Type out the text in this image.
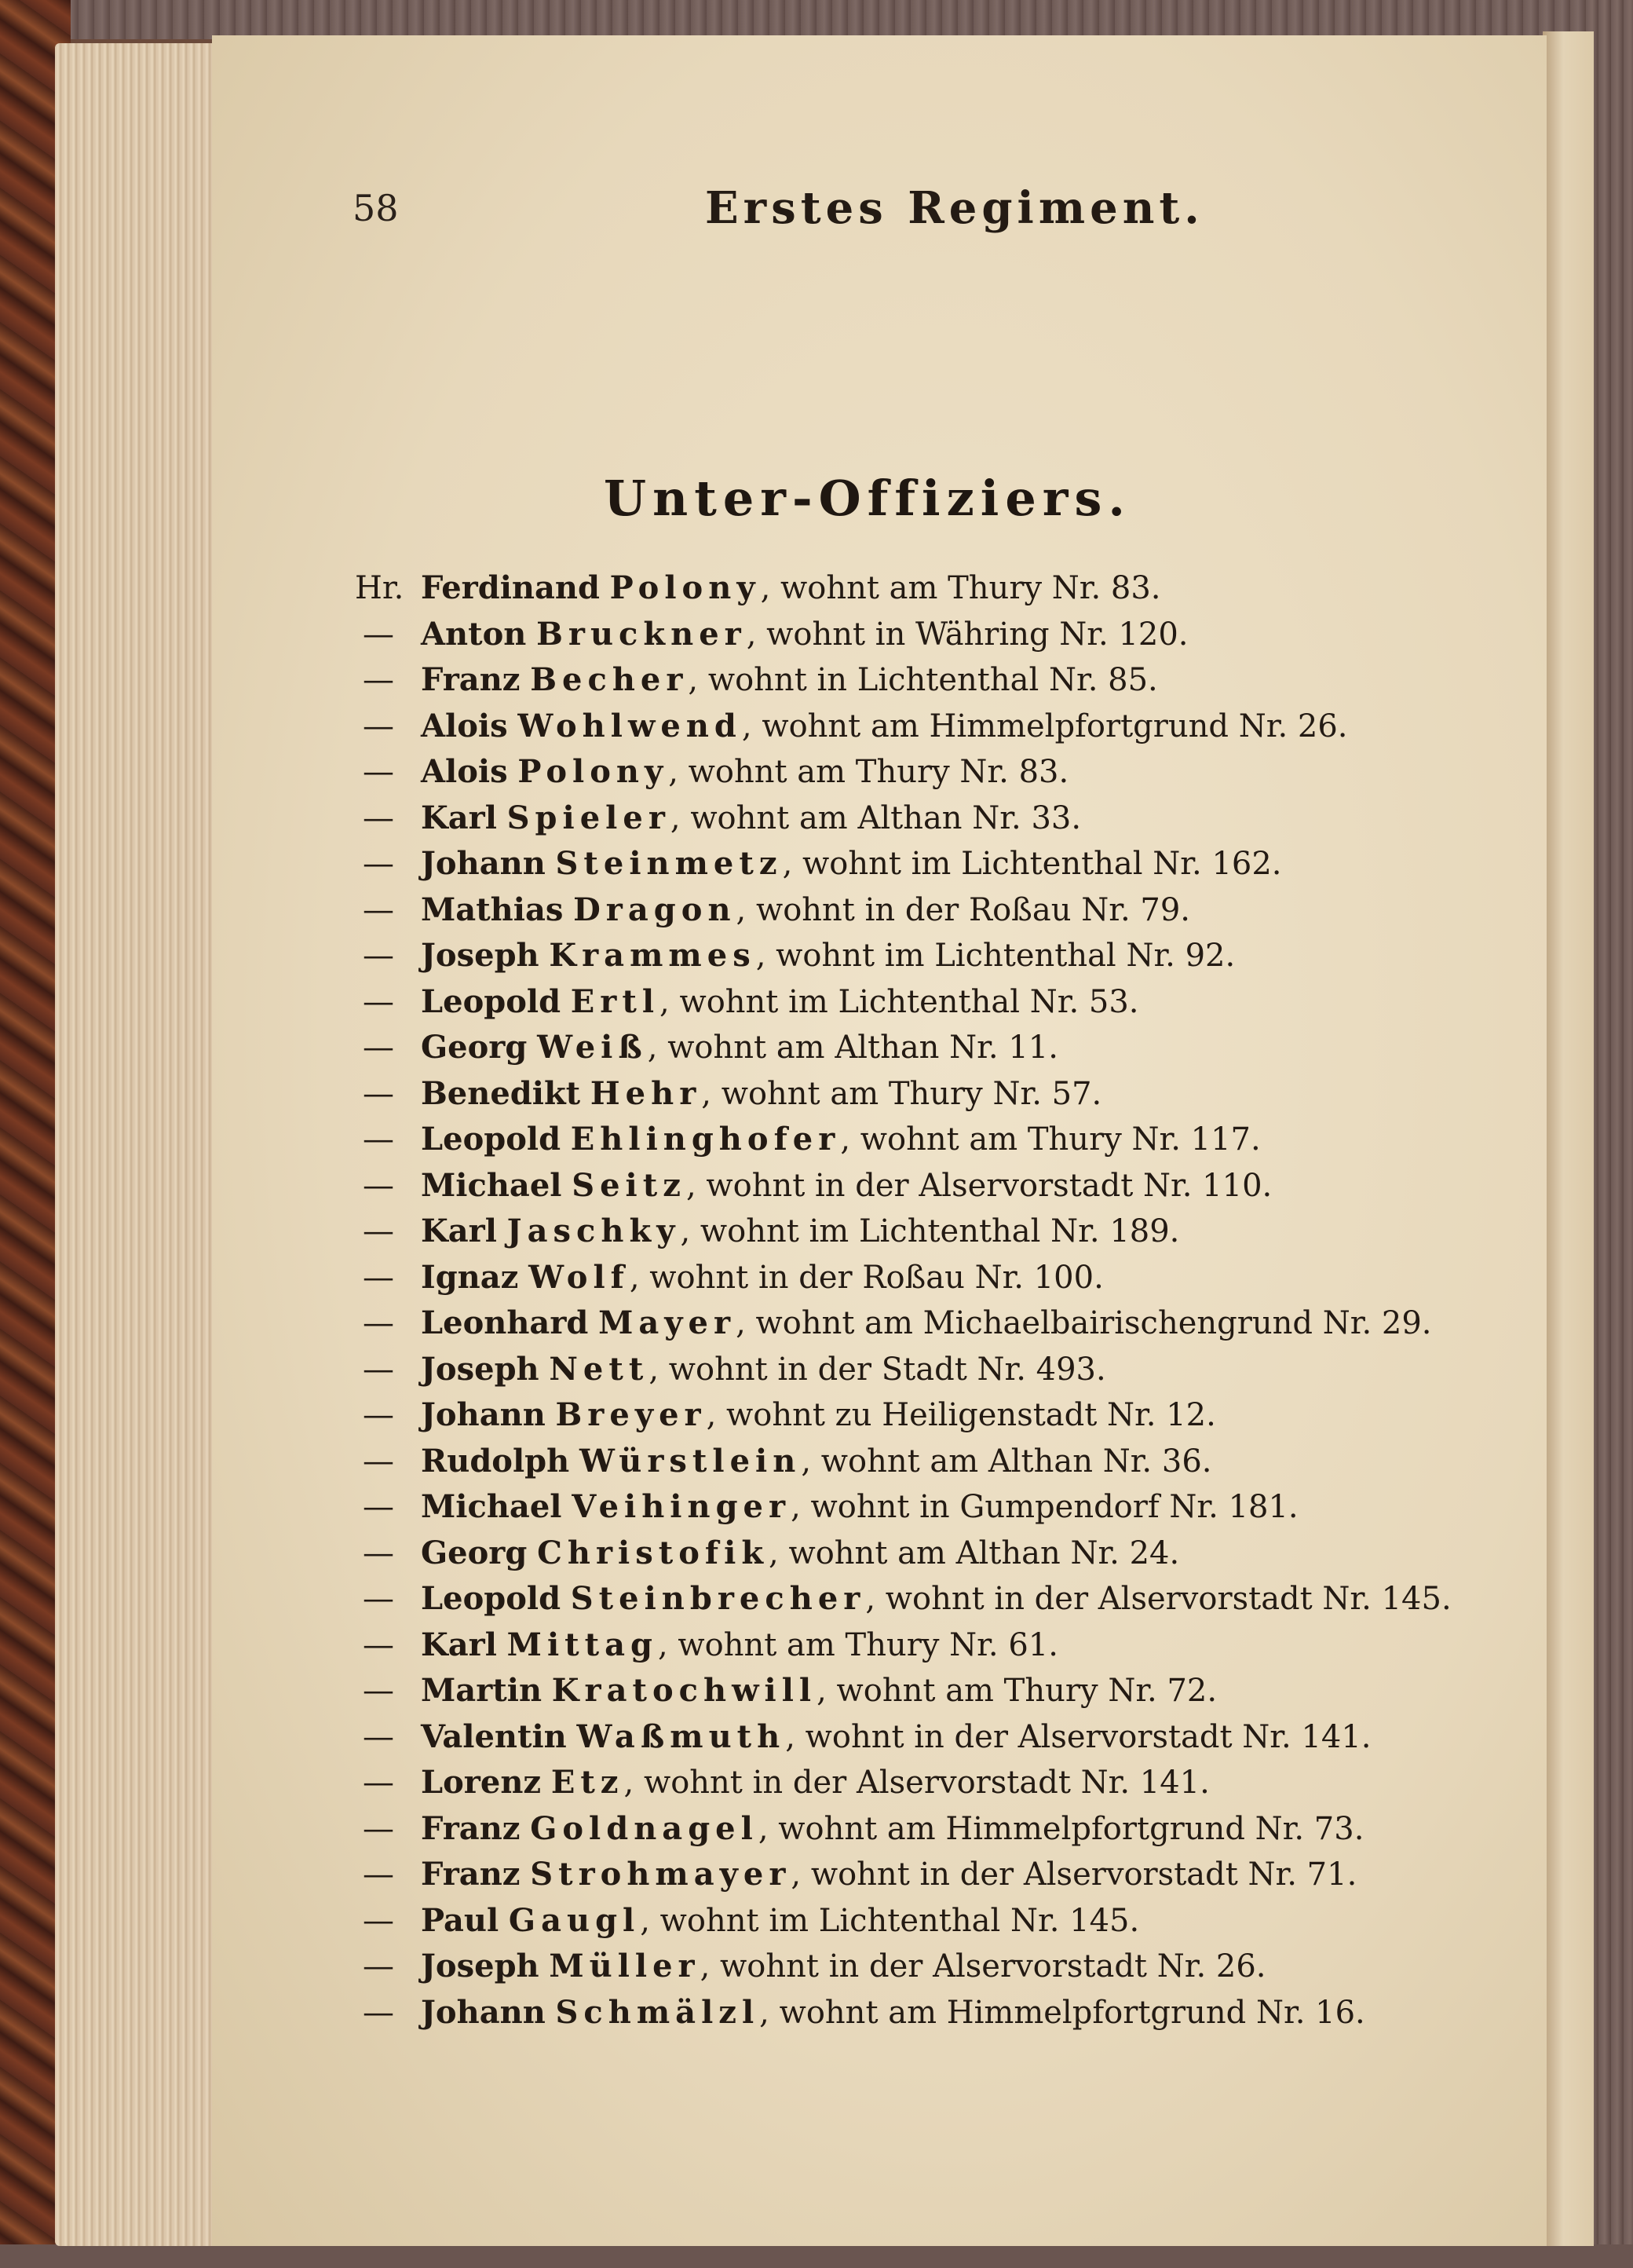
58	Erstes Regiment.
Unter-Offiziers.
Hr. Ferdinand Polony, wohnt am Thury Nr. 83.
— Anton Bruckner, wohnt in Währing Nr. 120.
— Franz Becher, wohnt in Lichtenthal Nr. 85.
— Alois Wohlwend, wohnt am Himmelpfortgrund Nr. 26.
— Alois Polony, wohnt am Thury Nr. 83.
— Karl Spieler, wohnt am Althan Nr. 33.
— Johann Steinmetz, wohnt im Lichtenthal Nr. 162.
— Mathias Dragon, wohnt in der Roßau Nr. 79.
— Joseph Krammes, wohnt im Lichtenthal Nr. 92.
— Leopold Ertl, wohnt im Lichtenthal Nr. 53.
— Georg Weiß, wohnt am Althan Nr. 11.
— Benedikt Hehr, wohnt am Thury Nr. 57.
— Leopold Ehlinghofer, wohnt am Thury Nr. 117.
— Michael Seitz, wohnt in der Alservorstadt Nr. 110.
— Karl Jaschky, wohnt im Lichtenthal Nr. 189.
— Ignaz Wolf, wohnt in der Roßau Nr. 100.
— Leonhard Mayer, wohnt am Michaelbairischengrund Nr. 29.
— Joseph Nett, wohnt in der Stadt Nr. 493.
— Johann Breyer, wohnt zu Heiligenstadt Nr. 12.
— Rudolph Würstlein, wohnt am Althan Nr. 36.
— Michael Veihinger, wohnt in Gumpendorf Nr. 181.
— Georg Christofik, wohnt am Althan Nr. 24.
— Leopold Steinbrecher, wohnt in der Alservorstadt Nr. 145.
— Karl Mittag, wohnt am Thury Nr. 61.
— Martin Kratochwill, wohnt am Thury Nr. 72.
— Valentin Waßmuth, wohnt in der Alservorstadt Nr. 141.
— Lorenz Etz, wohnt in der Alservorstadt Nr. 141.
— Franz Goldnagel, wohnt am Himmelpfortgrund Nr. 73.
— Franz Strohmayer, wohnt in der Alservorstadt Nr. 71.
— Paul Gaugl, wohnt im Lichtenthal Nr. 145.
— Joseph Müller, wohnt in der Alservorstadt Nr. 26.
— Johann Schmälzl, wohnt am Himmelpfortgrund Nr. 16.
